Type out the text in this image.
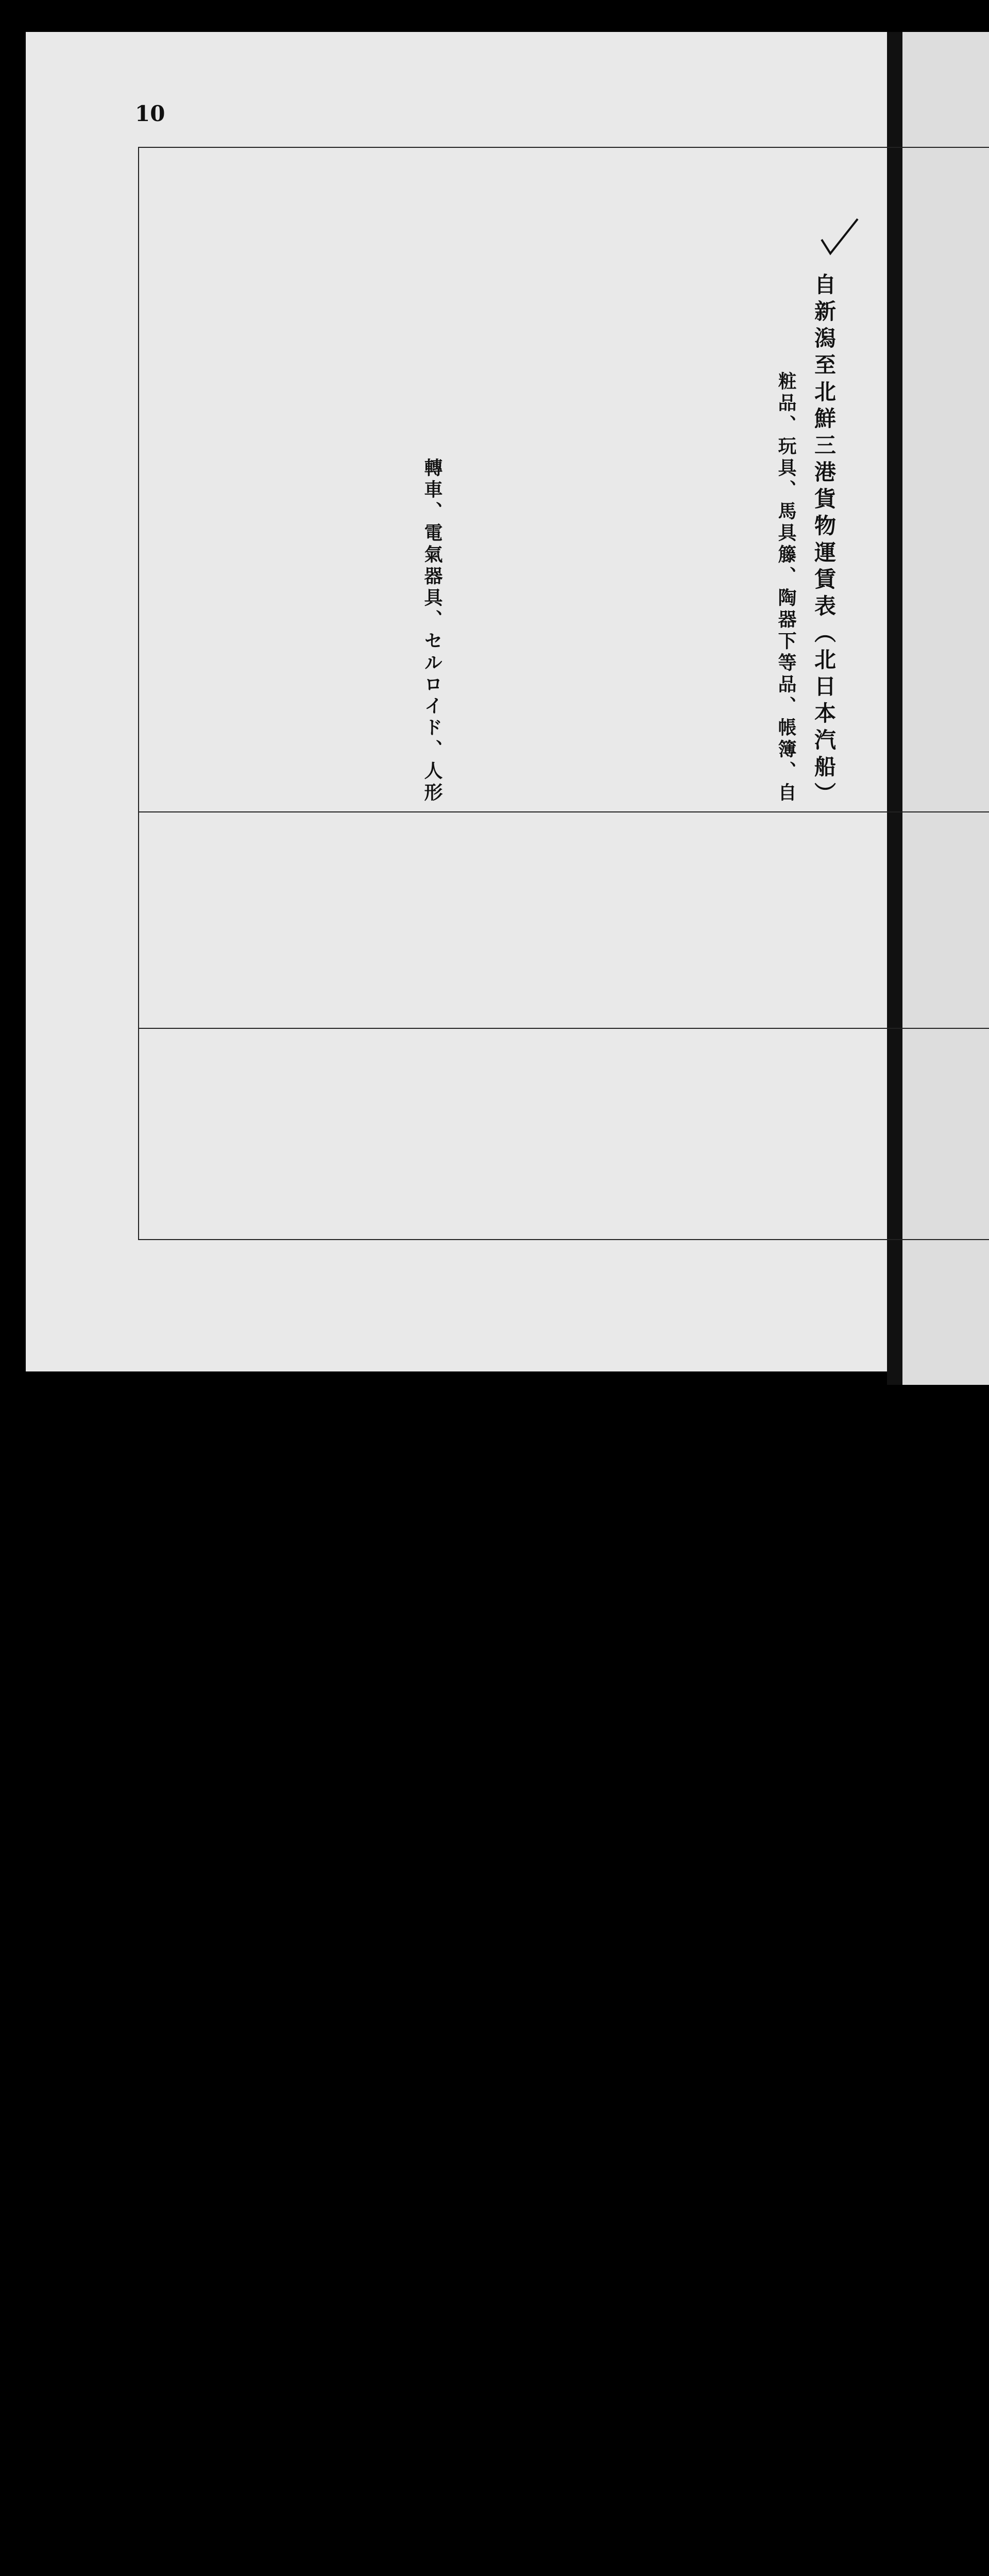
10
自新潟至北鮮三港貨物運賃表（北日本汽船）

粧品、玩具、馬具籐、陶器下等品、帳簿、自	轉車、電氣器具、セルロイド、人形
